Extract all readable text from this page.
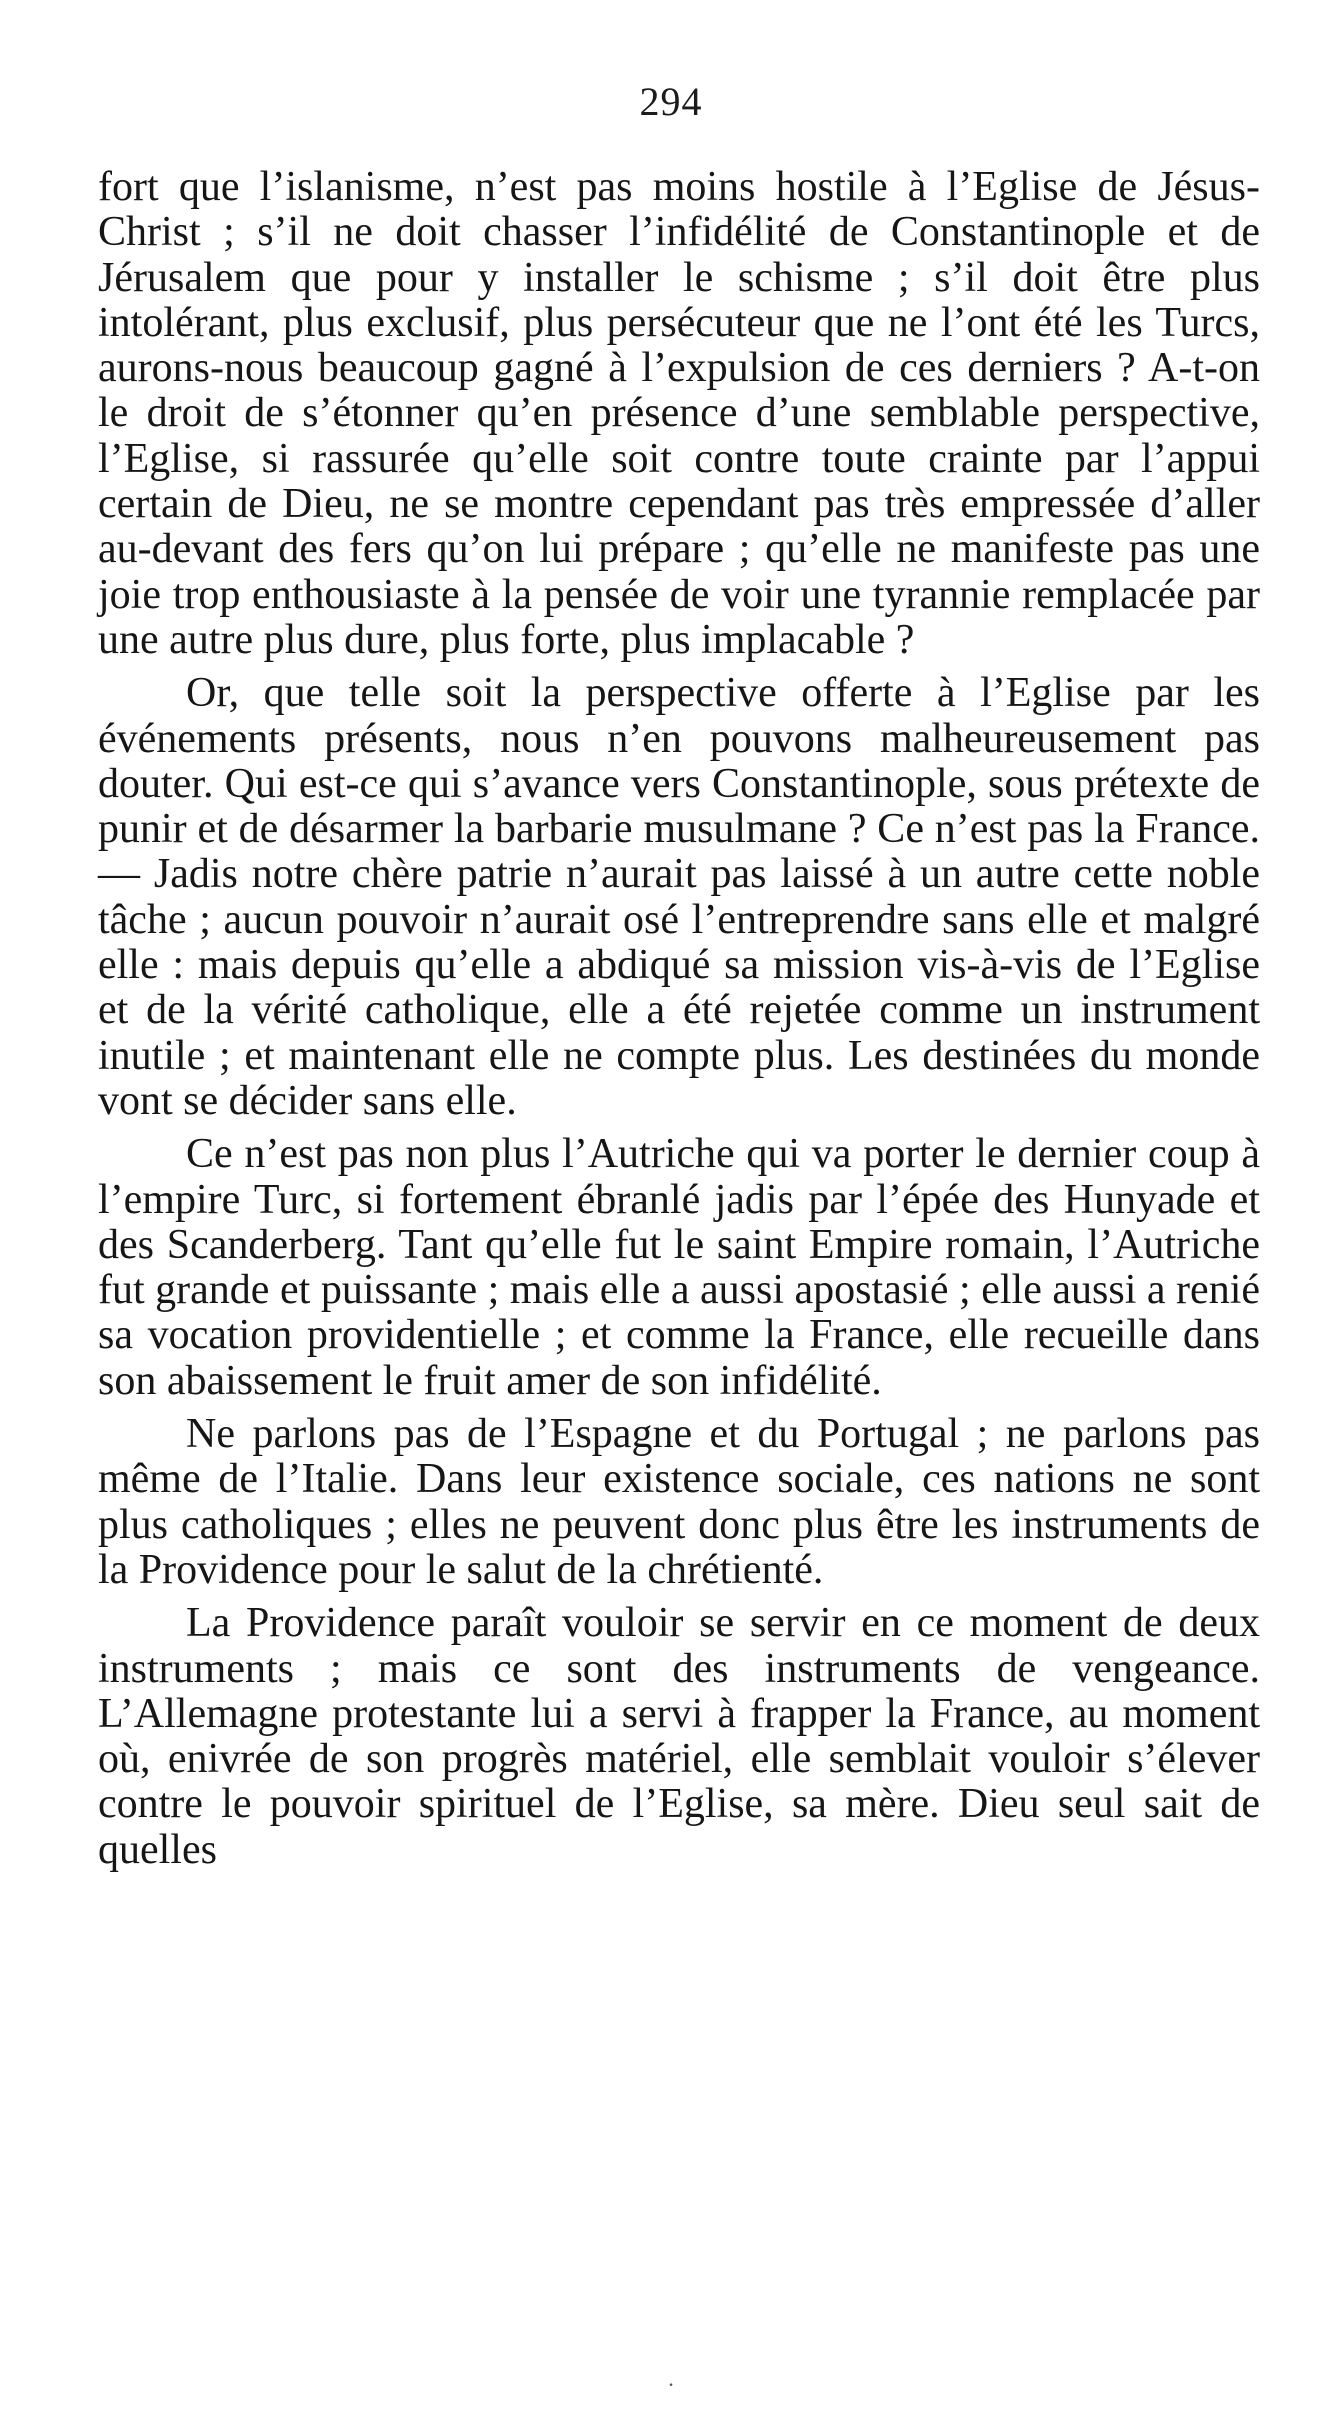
294

fort que l’islanisme, n’est pas moins hostile à l’Eglise de Jésus-Christ ; s’il ne doit chasser l’infidélité de Constantinople et de Jérusalem que pour y installer le schisme ; s’il doit être plus intolérant, plus exclusif, plus persécuteur que ne l’ont été les Turcs, aurons-nous beaucoup gagné à l’expulsion de ces derniers ? A-t-on le droit de s’étonner qu’en présence d’une semblable perspective, l’Eglise, si rassurée qu’elle soit contre toute crainte par l’appui certain de Dieu, ne se montre cependant pas très empressée d’aller au-devant des fers qu’on lui prépare ; qu’elle ne manifeste pas une joie trop enthousiaste à la pensée de voir une tyrannie remplacée par une autre plus dure, plus forte, plus implacable ?

Or, que telle soit la perspective offerte à l’Eglise par les événements présents, nous n’en pouvons malheureusement pas douter. Qui est-ce qui s’avance vers Constantinople, sous prétexte de punir et de désarmer la barbarie musulmane ? Ce n’est pas la France. — Jadis notre chère patrie n’aurait pas laissé à un autre cette noble tâche ; aucun pouvoir n’aurait osé l’entreprendre sans elle et malgré elle : mais depuis qu’elle a abdiqué sa mission vis-à-vis de l’Eglise et de la vérité catholique, elle a été rejetée comme un instrument inutile ; et maintenant elle ne compte plus. Les destinées du monde vont se décider sans elle.

Ce n’est pas non plus l’Autriche qui va porter le dernier coup à l’empire Turc, si fortement ébranlé jadis par l’épée des Hunyade et des Scanderberg. Tant qu’elle fut le saint Empire romain, l’Autriche fut grande et puissante ; mais elle a aussi apostasié ; elle aussi a renié sa vocation providentielle ; et comme la France, elle recueille dans son abaissement le fruit amer de son infidélité.

Ne parlons pas de l’Espagne et du Portugal ; ne parlons pas même de l’Italie. Dans leur existence sociale, ces nations ne sont plus catholiques ; elles ne peuvent donc plus être les instruments de la Providence pour le salut de la chrétienté.

La Providence paraît vouloir se servir en ce moment de deux instruments ; mais ce sont des instruments de vengeance. L’Allemagne protestante lui a servi à frapper la France, au moment où, enivrée de son progrès matériel, elle semblait vouloir s’élever contre le pouvoir spirituel de l’Eglise, sa mère. Dieu seul sait de quelles

·
